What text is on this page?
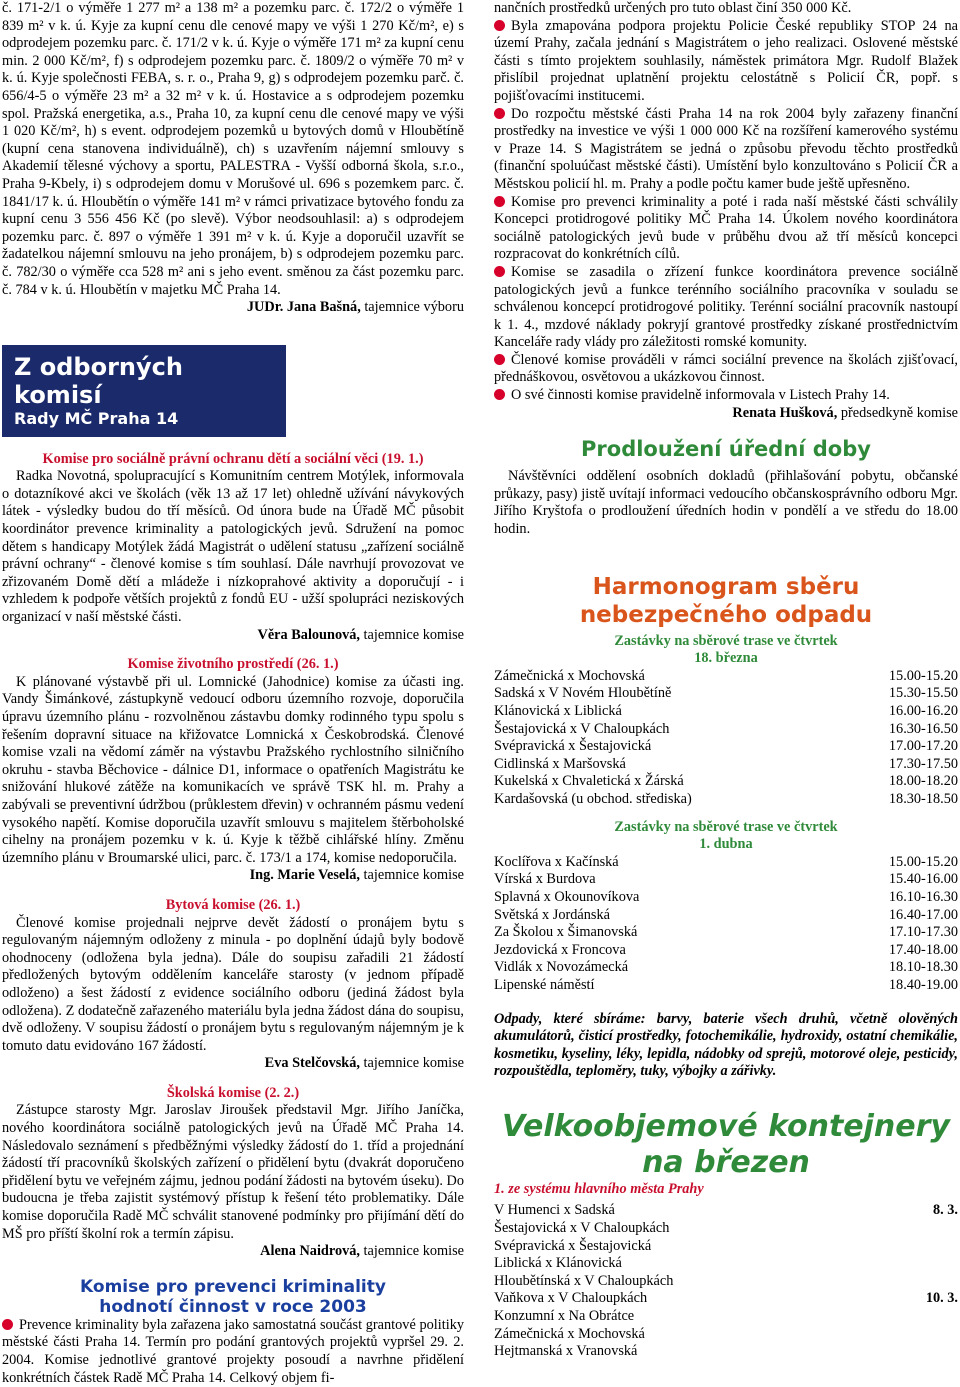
č. 171-2/1 o výměře 1 277 m² a 138 m² a pozemku parc. č. 172/2 o výměře 1 839 m² v k. ú. Kyje za kupní cenu dle cenové mapy ve výši 1 270 Kč/m², e) s odprodejem pozemku parc. č. 171/2 v k. ú. Kyje o výměře 171 m² za kupní cenu min. 2 000 Kč/m², f) s odprodejem pozemku parc. č. 1809/2 o výměře 70 m² v k. ú. Kyje společnosti FEBA, s. r. o., Praha 9, g) s odprodejem pozemku parč. č. 656/4-5 o výměře 23 m² a 32 m² v k. ú. Hostavice a s odprodejem pozemku spol. Pražská energetika, a.s., Praha 10, za kupní cenu dle cenové mapy ve výši 1 020 Kč/m², h) s event. odprodejem pozemků u bytových domů v Hloubětíně (kupní cena stanovena individuálně), ch) s uzavřením nájemní smlouvy s Akademií tělesné výchovy a sportu, PALESTRA - Vyšší odborná škola, s.r.o., Praha 9-Kbely, i) s odprodejem domu v Morušové ul. 696 s pozemkem parc. č. 1841/17 k. ú. Hloubětín o výměře 141 m² v rámci privatizace bytového fondu za kupní cenu 3 556 456 Kč (po slevě). Výbor neodsouhlasil: a) s odprodejem pozemku parc. č. 897 o výměře 1 391 m² v k. ú. Kyje a doporučil uzavřít se žadatelkou nájemní smlouvu na jeho pronájem, b) s odprodejem pozemku parc. č. 782/30 o výměře cca 528 m² ani s jeho event. směnou za část pozemku parc. č. 784 v k. ú. Hloubětín v majetku MČ Praha 14.

JUDr. Jana Bašná, tajemnice výboru

Z odborných komisí
Rady MČ Praha 14
Komise pro sociálně právní ochranu dětí a sociální věci (19. 1.)

Radka Novotná, spolupracující s Komunitním centrem Motýlek, informovala o dotazníkové akci ve školách (věk 13 až 17 let) ohledně užívání návykových látek - výsledky budou do tří měsíců. Od února bude na Úřadě MČ působit koordinátor prevence kriminality a patologických jevů. Sdružení na pomoc dětem s handicapy Motýlek žádá Magistrát o udělení statusu „zařízení sociálně právní ochrany“ - členové komise s tím souhlasí. Dále navrhují provozovat ve zřizovaném Domě dětí a mládeže i nízkoprahové aktivity a doporučují - i vzhledem k podpoře větších projektů z fondů EU - užší spolupráci neziskových organizací v naší městské části.

Věra Balounová, tajemnice komise

Komise životního prostředí (26. 1.)

K plánované výstavbě při ul. Lomnické (Jahodnice) komise za účasti ing. Vandy Šimánkové, zástupkyně vedoucí odboru územního rozvoje, doporučila úpravu územního plánu - rozvolněnou zástavbu domky rodinného typu spolu s řešením dopravní situace na křižovatce Lomnická x Českobrodská. Členové komise vzali na vědomí záměr na výstavbu Pražského rychlostního silničního okruhu - stavba Běchovice - dálnice D1, informace o opatřeních Magistrátu ke snižování hlukové zátěže na komunikacích ve správě TSK hl. m. Prahy a zabývali se preventivní údržbou (průklestem dřevin) v ochranném pásmu vedení vysokého napětí. Komise doporučila uzavřít smlouvu s majitelem štěrboholské cihelny na pronájem pozemku v k. ú. Kyje k těžbě cihlářské hlíny. Změnu územního plánu v Broumarské ulici, parc. č. 173/1 a 174, komise nedoporučila.

Ing. Marie Veselá, tajemnice komise

Bytová komise (26. 1.)

Členové komise projednali nejprve devět žádostí o pronájem bytu s regulovaným nájemným odloženy z minula - po doplnění údajů byly bodově ohodnoceny (odložena byla jedna). Dále do soupisu zařadili 21 žádostí předložených bytovým oddělením kanceláře starosty (v jednom případě odloženo) a šest žádostí z evidence sociálního odboru (jediná žádost byla odložena). Z dodatečně zařazeného materiálu byla jedna žádost dána do soupisu, dvě odloženy. V soupisu žádostí o pronájem bytu s regulovaným nájemným je k tomuto datu evidováno 167 žádostí.

Eva Stelčovská, tajemnice komise

Školská komise (2. 2.)

Zástupce starosty Mgr. Jaroslav Jiroušek představil Mgr. Jiřího Janíčka, nového koordinátora sociálně patologických jevů na Úřadě MČ Praha 14. Následovalo seznámení s předběžnými výsledky žádostí do 1. tříd a projednání žádostí tří pracovníků školských zařízení o přidělení bytu (dvakrát doporučeno přidělení bytu ve veřejném zájmu, jednou podání žádosti na bytovém úseku). Do budoucna je třeba zajistit systémový přístup k řešení této problematiky. Dále komise doporučila Radě MČ schválit stanovené podmínky pro přijímání dětí do MŠ pro příští školní rok a termín zápisu.

Alena Naidrová, tajemnice komise

Komise pro prevenci kriminality
hodnotí činnost v roce 2003

Prevence kriminality byla zařazena jako samostatná součást grantové politiky městské části Praha 14. Termín pro podání grantových projektů vypršel 29. 2. 2004. Komise jednotlivé grantové projekty posoudí a navrhne přidělení konkrétních částek Radě MČ Praha 14. Celkový objem fi-

nančních prostředků určených pro tuto oblast činí 350 000 Kč.

Byla zmapována podpora projektu Policie České republiky STOP 24 na území Prahy, začala jednání s Magistrátem o jeho realizaci. Oslovené městské části s tímto projektem souhlasily, náměstek primátora Mgr. Rudolf Blažek přislíbil projednat uplatnění projektu celostátně s Policií ČR, popř. s pojišťovacími institucemi.

Do rozpočtu městské části Praha 14 na rok 2004 byly zařazeny finanční prostředky na investice ve výši 1 000 000 Kč na rozšíření kamerového systému v Praze 14. S Magistrátem se jedná o způsobu převodu těchto prostředků (finanční spoluúčast městské části). Umístění bylo konzultováno s Policií ČR a Městskou policií hl. m. Prahy a podle počtu kamer bude ještě upřesněno.

Komise pro prevenci kriminality a poté i rada naší městské části schválily Koncepci protidrogové politiky MČ Praha 14. Úkolem nového koordinátora sociálně patologických jevů bude v průběhu dvou až tří měsíců koncepci rozpracovat do konkrétních cílů.

Komise se zasadila o zřízení funkce koordinátora prevence sociálně patologických jevů a funkce terénního sociálního pracovníka v souladu se schválenou koncepcí protidrogové politiky. Terénní sociální pracovník nastoupí k 1. 4., mzdové náklady pokryjí grantové prostředky získané prostřednictvím Kanceláře rady vlády pro záležitosti romské komunity.

Členové komise prováděli v rámci sociální prevence na školách zjišťovací, přednáškovou, osvětovou a ukázkovou činnost.

O své činnosti komise pravidelně informovala v Listech Prahy 14.

Renata Hušková, předsedkyně komise

Prodloužení úřední doby

Návštěvníci oddělení osobních dokladů (přihlašování pobytu, občanské průkazy, pasy) jistě uvítají informaci vedoucího občanskosprávního odboru Mgr. Jiřího Kryštofa o prodloužení úředních hodin v pondělí a ve středu do 18.00 hodin.

Harmonogram sběru
nebezpečného odpadu
Zastávky na sběrové trase ve čtvrtek
18. března
Zámečnická x Mochovská	15.00-15.20
Sadská x V Novém Hloubětíně	15.30-15.50
Klánovická x Liblická	16.00-16.20
Šestajovická x V Chaloupkách	16.30-16.50
Svépravická x Šestajovická	17.00-17.20
Cidlinská x Maršovská	17.30-17.50
Kukelská x Chvaletická x Žárská	18.00-18.20
Kardašovská (u obchod. střediska)	18.30-18.50
Zastávky na sběrové trase ve čtvrtek
1. dubna
Koclířova x Kačínská	15.00-15.20
Vírská x Burdova	15.40-16.00
Splavná x Okounovíkova	16.10-16.30
Světská x Jordánská	16.40-17.00
Za Školou x Šimanovská	17.10-17.30
Jezdovická x Froncova	17.40-18.00
Vidlák x Novozámecká	18.10-18.30
Lipenské náměstí	18.40-19.00

Odpady, které sbíráme: barvy, baterie všech druhů, včetně olověných akumulátorů, čisticí prostředky, fotochemikálie, hydroxidy, ostatní chemikálie, kosmetiku, kyseliny, léky, lepidla, nádobky od sprejů, motorové oleje, pesticidy, rozpouštědla, teploměry, tuky, výbojky a zářivky.

Velkoobjemové kontejnery
na březen
1. ze systému hlavního města Prahy
V Humenci x Sadská	8. 3.
Šestajovická x V Chaloupkách
Svépravická x Šestajovická
Liblická x Klánovická
Hloubětínská x V Chaloupkách
Vaňkova x V Chaloupkách	10. 3.
Konzumní x Na Obrátce
Zámečnická x Mochovská
Hejtmanská x Vranovská
